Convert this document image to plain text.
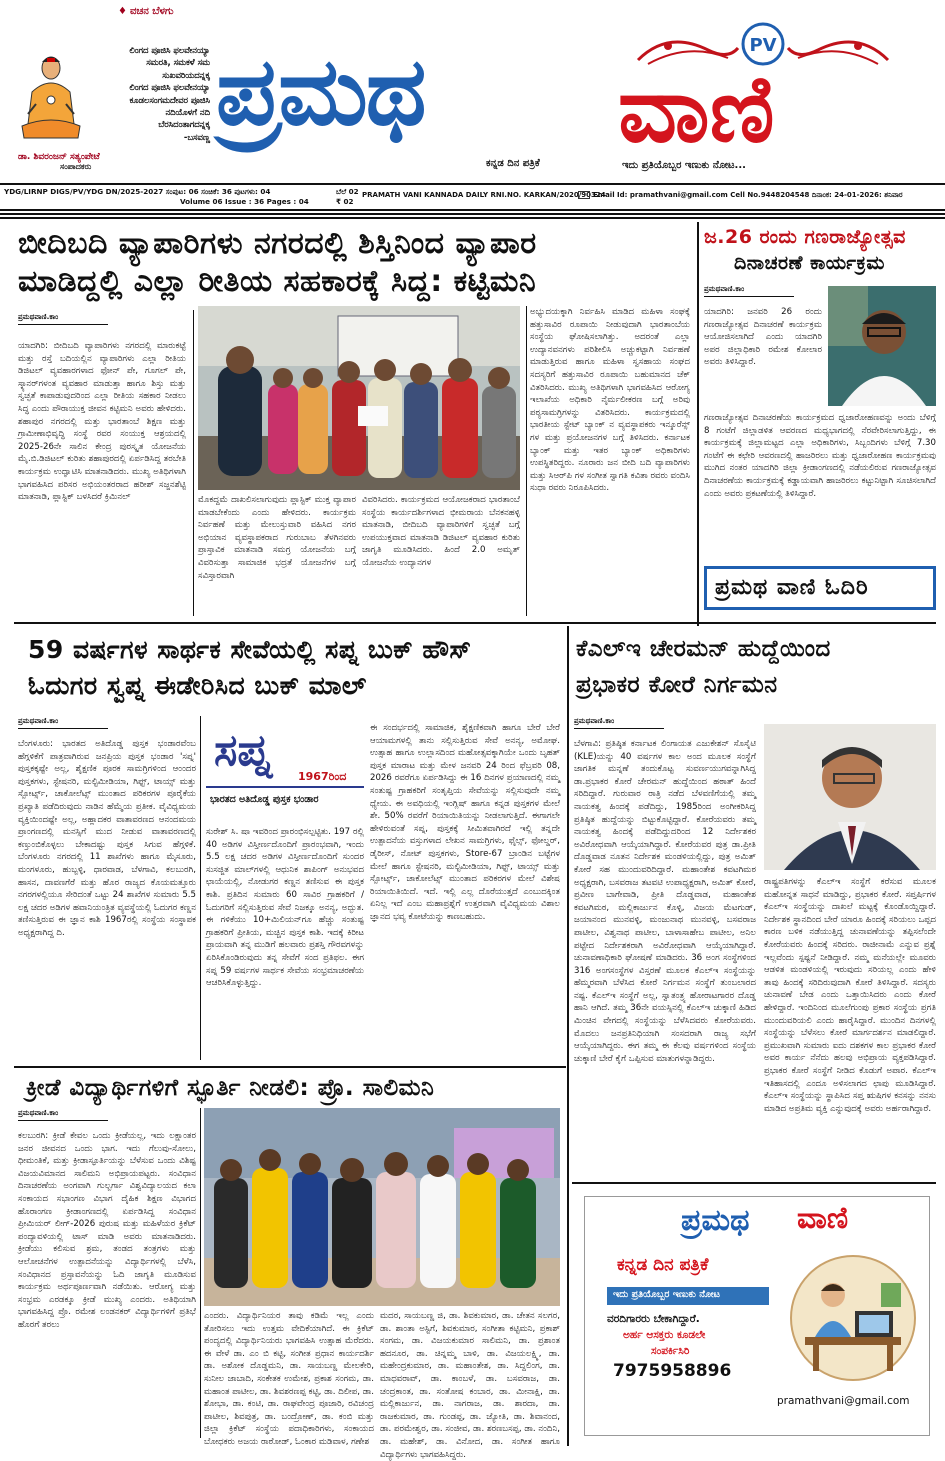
♦ ವಚನ ಬೆಳಗು
ಲಿಂಗದ ಪೂಜಿಸಿ ಫಲವೇನಯ್ಯಾ
ಸಮರತಿ, ಸಮಕಳೆ ಸಮ
ಸುಖವರಿಯದನ್ನಕ್ಕ
ಲಿಂಗದ ಪೂಜಿಸಿ ಫಲವೇನಯ್ಯಾ
ಕೂಡಲಸಂಗಮದೇವರ ಪೂಜಿಸಿ
ನದಿಯೊಳಗೆ ನದಿ
ಬೆರಸಿದಂತಾಗದನ್ನಕ್ಕ
-ಬಸವಣ್ಣ
ಡಾ. ಶಿವರಂಜನ್ ಸತ್ಯಂಪೇಟೆ
ಸಂಪಾದಕರು
ಪ್ರಮಥ
ಕನ್ನಡ ದಿನ ಪತ್ರಿಕೆ
PV
ವಾಣಿ
ಇದು ಪ್ರತಿಯೊಬ್ಬರ ಇಣುಕು ನೋಟ...
YDG/LIRNP DIGS/PV/YDG DN/2025-2027 ಸಂಪುಟ: 06 ಸಂಚಿಕೆ: 36 ಪುಟಗಳು: 04
Volume 06 Issue : 36 Pages : 04
ಬೆಲೆ 02
₹ 02
PRAMATH VANI KANNADA DAILY RNI.NO. KARKAN/2020/90324
Email Id: pramathvani@gmail.com Cell No.9448204548 ದಿನಾಂಕ: 24-01-2026: ಶನಿವಾರ
ಬೀದಿಬದಿ ವ್ಯಾಪಾರಿಗಳು ನಗರದಲ್ಲಿ ಶಿಸ್ತಿನಿಂದ ವ್ಯಾಪಾರ
ಮಾಡಿದ್ದಲ್ಲಿ ಎಲ್ಲಾ ರೀತಿಯ ಸಹಕಾರಕ್ಕೆ ಸಿದ್ದ: ಕಟ್ಟಿಮನಿ
ಪ್ರಮಥವಾಣಿ.ಕಾಂ
ಯಾದಗಿರಿ: ಬೀದಿಬದಿ ವ್ಯಾಪಾರಿಗಳು ನಗರದಲ್ಲಿ ಮಾರುಕಟ್ಟೆ ಮತ್ತು ರಸ್ತೆ ಬದಿಯಲ್ಲಿನ ವ್ಯಾಪಾರಿಗಳು ಎಲ್ಲಾ ರೀತಿಯ ಡಿಜಿಟಲ್ ವ್ಯವಹಾರಗಳಾದ ಫೋನ್ ಪೇ, ಗೂಗಲ್ ಪೇ, ಸ್ಕ್ಯಾನರ್‌ಗಳಂತ ವ್ಯವಹಾರ ಮಾಡುತ್ತಾ ಹಾಗೂ ಶಿಸ್ತು ಮತ್ತು ಸ್ವಚ್ಛತೆ ಕಾಪಾಡುವುದರಿಂದ ಎಲ್ಲಾ ರೀತಿಯ ಸಹಕಾರ ನೀಡಲು ಸಿದ್ಧ ಎಂದು ಪೌರಾಯುಕ್ತ ಜೀವನ ಕಟ್ಟಿಮನಿ ಅವರು ಹೇಳಿದರು. ಶಹಾಪುರ ನಗರದಲ್ಲಿ ಮತ್ತು ಭಾರತಾಂಬೆ ಶಿಕ್ಷಣ ಮತ್ತು ಗ್ರಾಮೀಣಾಭಿವೃದ್ಧಿ ಸಂಸ್ಥೆ ರವರ ಸಂಯುಕ್ತ ಆಶ್ರಯದಲ್ಲಿ 2025-26ನೇ ಸಾಲಿನ ಕೇಂದ್ರ ಪುರಸ್ಕೃತ ಯೋಜನೆಯ ಮೈ.ಬಿ.ಡಿಜಿಟಲ್ ಕುರಿತು ಶಹಾಪುರದಲ್ಲಿ ಏರ್ಪಡಿಸಿದ್ದ ತರಬೇತಿ ಕಾರ್ಯಕ್ರಮ ಉದ್ಘಾಟಿಸಿ ಮಾತನಾಡಿದರು. ಮುಖ್ಯ ಅತಿಥಿಗಳಾಗಿ ಭಾಗವಹಿಸಿದ ಪರಿಸರ ಅಭಿಯಂತರರಾದ ಹರೀಶ್ ಸಜ್ಜನಶೆಟ್ಟಿ ಮಾತನಾಡಿ, ಪ್ಲಾಸ್ಟಿಕ್ ಬಳಸಿದರೆ ಕ್ರಿಮಿನಲ್	ಮೊಕದ್ದಮೆ ದಾಖಲಿಸಲಾಗುವುದು ಪ್ಲಾಸ್ಟಿಕ್ ಮುಕ್ತ ವ್ಯಾಪಾರ ಮಾಡಬೇಕೆಂದು ಎಂದು ಹೇಳಿದರು. ಕಾರ್ಯಕ್ರಮ ನಿರ್ವಹಣೆ ಮತ್ತು ಮೇಲುಸ್ತುವಾರಿ ವಹಿಸಿದ ನಗರ ಅಭಿಯಾನ ವ್ಯವಸ್ಥಾಪಕರಾದ ಗುರುಬಾಬ ತೆಳಗಿನವರು ಪ್ರಾಸ್ತಾವಿಕ ಮಾತನಾಡಿ ಸಮಗ್ರ ಯೋಜನೆಯ ಬಗ್ಗೆ ವಿವರಿಸುತ್ತಾ ಸಾಮಾಜಿಕ ಭದ್ರತೆ ಯೋಜನೆಗಳ ಬಗ್ಗೆ ಸವಿಸ್ತಾರವಾಗಿ
ವಿವರಿಸಿದರು. ಕಾರ್ಯಕ್ರಮದ ಆಯೋಜಕರಾದ ಭಾರತಾಂಬೆ ಸಂಸ್ಥೆಯ ಕಾರ್ಯದರ್ಶಿಗಳಾದ ಭೀಮರಾಯ ಬೆನಕನಹಳ್ಳಿ ಮಾತನಾಡಿ, ಬೀದಿಬದಿ ವ್ಯಾಪಾರಿಗಳಿಗೆ ಸ್ವಚ್ಛತೆ ಬಗ್ಗೆ ಉಪಯುಕ್ತವಾದ ಮಾತನಾಡಿ ಡಿಜಿಟಲ್ ವ್ಯವಹಾರ ಕುರಿತು ಜಾಗೃತಿ ಮೂಡಿಸಿದರು. ಹಿಂದೆ 2.0 ಅಮೃತ್ ಯೋಜನೆಯ ಉದ್ಯಾನಗಳ
ಅಭ್ಯುದಯಕ್ಕಾಗಿ ನಿರ್ವಹಿಸಿ ಮಾಡಿದ ಮಹಿಳಾ ಸಂಘಕ್ಕೆ ಹತ್ತುಸಾವಿರ ರೂಪಾಯಿ ನೀಡುವುದಾಗಿ ಭಾರತಾಂಬೆಯ ಸಂಸ್ಥೆಯ ಘೋಷಿಸಲಾಗಿತ್ತು. ಅದರಂತೆ ಎಲ್ಲಾ ಉದ್ಯಾನವನಗಳು ಪರಿಶೀಲಿಸಿ ಅಚ್ಚುಕಟ್ಟಾಗಿ ನಿರ್ವಹಣೆ ಮಾಡುತ್ತಿರುವ ಹಾಗೂ ಮಹಿಳಾ ಸ್ವಸಹಾಯ ಸಂಘದ ಸದಸ್ಯರಿಗೆ ಹತ್ತುಸಾವಿರ ರೂಪಾಯಿ ಬಹುಮಾನದ ಚೆಕ್ ವಿತರಿಸಿದರು. ಮುಖ್ಯ ಅತಿಥಿಗಳಾಗಿ ಭಾಗವಹಿಸಿದ ಆರೋಗ್ಯ ಇಲಾಖೆಯ ಅಧಿಕಾರಿ ನೈರ್ಮಲೀಕರಣ ಬಗ್ಗೆ ಅರಿವು ಪಠ್ಯಸಾಮಗ್ರಿಗಳನ್ನು ವಿತರಿಸಿದರು. ಕಾರ್ಯಕ್ರಮದಲ್ಲಿ ಭಾರತೀಯ ಸ್ಟೇಟ್ ಬ್ಯಾಂಕ್ ನ ವ್ಯವಸ್ಥಾಪಕರು ಇನ್ಶೂರೆನ್ಸ್ ಗಳ ಮತ್ತು ಪ್ರಯೋಜನಗಳ ಬಗ್ಗೆ ತಿಳಿಸಿದರು. ಕರ್ನಾಟಕ ಬ್ಯಾಂಕ್ ಮತ್ತು ಇತರ ಬ್ಯಾಂಕ್ ಅಧಿಕಾರಿಗಳು ಉಪಸ್ಥಿತರಿದ್ದರು. ನೂರಾರು ಜನ ಬೀದಿ ಬದಿ ವ್ಯಾಪಾರಿಗಳು ಮತ್ತು ಸಿಆರ್‌ಪಿ ಗಳ ಸಂಗೀತ ಸ್ವಾಗತಿ ಕವಿತಾ ರವರು ವಂದಿಸಿ ಸುಧಾ ರವರು ನಿರೂಪಿಸಿದರು.
ಜ.26 ರಂದು ಗಣರಾಜ್ಯೋತ್ಸವ
ದಿನಾಚರಣೆ ಕಾರ್ಯಕ್ರಮ
ಪ್ರಮಥವಾಣಿ.ಕಾಂ
ಯಾದಗಿರಿ: ಜನವರಿ 26 ರಂದು ಗಣರಾಜ್ಯೋತ್ಸವ ದಿನಾಚರಣೆ ಕಾರ್ಯಕ್ರಮ ಆಯೋಜಿಸಲಾಗಿದೆ ಎಂದು ಯಾದಗಿರಿ ಅಪರ ಜಿಲ್ಲಾಧಿಕಾರಿ ರಮೇಶ ಕೋಲಾರ ಅವರು ತಿಳಿಸಿದ್ದಾರೆ.
ಗಣರಾಜ್ಯೋತ್ಸವ ದಿನಾಚರಣೆಯ ಕಾರ್ಯಕ್ರಮದ ಧ್ವಜಾರೋಹಣವನ್ನು ಅಂದು ಬೆಳಿಗ್ಗೆ 8 ಗಂಟೆಗೆ ಜಿಲ್ಲಾಡಳಿತ ಆವರಣದ ಮಧ್ಯಭಾಗದಲ್ಲಿ ನೆರವೇರಿಸಲಾಗುತ್ತಿದ್ದು, ಈ ಕಾರ್ಯಕ್ರಮಕ್ಕೆ ಜಿಲ್ಲಾಮಟ್ಟದ ಎಲ್ಲಾ ಅಧಿಕಾರಿಗಳು, ಸಿಬ್ಬಂದಿಗಳು ಬೆಳಿಗ್ಗೆ 7.30 ಗಂಟೆಗೆ ಈ ಕಛೇರಿ ಆವರಣದಲ್ಲಿ ಹಾಜರಿರಲು ಮತ್ತು ಧ್ವಜಾರೋಹಣ ಕಾರ್ಯಕ್ರಮವು ಮುಗಿದ ನಂತರ ಯಾದಗಿರಿ ಜಿಲ್ಲಾ ಕ್ರೀಡಾಂಗಣದಲ್ಲಿ ನಡೆಯಲಿರುವ ಗಣರಾಜ್ಯೋತ್ಸವ ದಿನಾಚರಣೆಯ ಕಾರ್ಯಕ್ರಮಕ್ಕೆ ಕಡ್ಡಾಯವಾಗಿ ಹಾಜರಿರಲು ಕಟ್ಟುನಿಟ್ಟಾಗಿ ಸೂಚಿಸಲಾಗಿದೆ ಎಂದು ಅವರು ಪ್ರಕಟಣೆಯಲ್ಲಿ ತಿಳಿಸಿದ್ದಾರೆ.
ಪ್ರಮಥ ವಾಣಿ ಓದಿರಿ
59 ವರ್ಷಗಳ ಸಾರ್ಥಕ ಸೇವೆಯಲ್ಲಿ ಸಪ್ನ ಬುಕ್ ಹೌಸ್
ಓದುಗರ ಸ್ವಪ್ನ ಈಡೇರಿಸಿದ ಬುಕ್ ಮಾಲ್
ಪ್ರಮಥವಾಣಿ.ಕಾಂ
ಬೆಂಗಳೂರು: ಭಾರತದ ಅತಿದೊಡ್ಡ ಪುಸ್ತಕ ಭಂಡಾರವೆಂಬ ಹೆಗ್ಗಳಿಕೆಗೆ ಪಾತ್ರವಾಗಿರುವ ಜನಪ್ರಿಯ ಪುಸ್ತಕ ಭಂಡಾರ 'ಸಪ್ನ' ಪುಸ್ತಕಕ್ಕಷ್ಟೇ ಅಲ್ಲ, ಶೈಕ್ಷಣಿಕ ಪೂರಕ ಸಾಮಗ್ರಿಗಳಿಂದ ಆಂಂದರ ಪುಸ್ತಕಗಳು, ಸ್ಟೇಷನರಿ, ಮಲ್ಟಿಮೀಡಿಯಾ, ಗಿಫ್ಟ್, ಟಾಯ್ಸ್ ಮತ್ತು ಸ್ಪೋರ್ಟ್ಸ್, ಚಾಕೋಲೆಟ್ಸ್ ಮುಂತಾದ ಪರಿಕರಗಳ ಪೂರೈಕೆಯ ಪ್ರಖ್ಯಾತಿ ಪಡೆದಿರುವುದು ನಾಡಿನ ಹೆಮ್ಮೆಯ ಪ್ರತೀಕ. ವೈವಿಧ್ಯಮಯ ವ್ಯಕ್ತಿಯಿಂದಷ್ಟೇ ಅಲ್ಲ, ಅಹ್ಲಾದಕರ ವಾತಾವರಣದ ಆನಂದಮಯ ಪ್ರಾಂಗಣದಲ್ಲಿ ಮನಸ್ಸಿಗೆ ಮುದ ನೀಡುವ ವಾತಾವರಣದಲ್ಲಿ ಕಣ್ತುಂಬಿಕೊಳ್ಳಲು ಬೇಕಾದಷ್ಟು ಪುಸ್ತಕ ಸಿಗುವ ಹೆಗ್ಗಳಿಕೆ. ಬೆಂಗಳೂರು ನಗರದಲ್ಲಿ 11 ಶಾಖೆಗಳು ಹಾಗೂ ಮೈಸೂರು, ಮಂಗಳೂರು, ಹುಬ್ಬಳ್ಳಿ, ಧಾರವಾಡ, ಬೆಳಗಾವಿ, ಕಲಬುರಗಿ, ಹಾಸನ, ದಾವಣಗೆರೆ ಮತ್ತು ಹೊರ ರಾಜ್ಯದ ಕೊಯಮತ್ತೂರು ನಗರಗಳಲ್ಲಿಯೂ ಸೇರಿದಂತೆ ಒಟ್ಟು 24 ಶಾಖೆಗಳ ಸುಮಾರು 5.5 ಲಕ್ಷ ಚದರ ಅಡಿಗಳ ಹವಾನಿಯಂತ್ರಿತ ವ್ಯವಸ್ಥೆಯಲ್ಲಿ ಓದುಗರ ಕಣ್ಣನ ತಣಿಸುತ್ತಿರುವ ಈ ಜ್ಞಾನ ಕಾಶಿ 1967ರಲ್ಲಿ ಸಂಸ್ಥೆಯ ಸಂಸ್ಥಾಪಕ ಅಧ್ಯಕ್ಷರಾಗಿದ್ದ ದಿ.
ಸಪ್ನ
1967ರಿಂದ
ಭಾರತದ ಅತಿದೊಡ್ಡ ಪುಸ್ತಕ ಭಂಡಾರ
ಸುರೇಶ್ ಸಿ. ಷಾ ಇವರಿಂದ ಪ್ರಾರಂಭಿಸಲ್ಪಟ್ಟಿತು. 197 ರಲ್ಲಿ 40 ಅಡಿಗಳ ವಿಸ್ತೀರ್ಣದೊಂದಿಗೆ ಪ್ರಾರಂಭವಾಗಿ, ಇಂದು 5.5 ಲಕ್ಷ ಚದರ ಅಡಿಗಳ ವಿಸ್ತೀರ್ಣದೊಂದಿಗೆ ಸುಂದರ ಸುಸಜ್ಜಿತ ಮಾಲ್‌ಗಳಲ್ಲಿ ಆಧುನಿಕ ಶಾಪಿಂಗ್ ಅನುಭವದ ಛಾಯೆಯಲ್ಲಿ, ನೋಡುಗರ ಕಣ್ಣನ ತಣಿಸುವ ಈ ಪುಸ್ತಕ ಕಾಶಿ. ಪ್ರತಿದಿನ ಸುಮಾರು 60 ಸಾವಿರ ಗ್ರಾಹಕರಿಗೆ / ಓದುಗರಿಗೆ ಸಲ್ಲಿಸುತ್ತಿರುವ ಸೇವೆ ನಿಜಕ್ಕೂ ಅನನ್ಯ, ಅದ್ಭುತ. ಈ ಗಳಿಕೆಯು 10+ಮಿಲಿಯನ್‌ಗೂ ಹೆಚ್ಚು ಸಂತುಷ್ಟ ಗ್ರಾಹಕರಿಗೆ ಪ್ರೀತಿಯ, ಮಚ್ಚಿನ ಪುಸ್ತಕ ಕಾಶಿ. ಇದಕ್ಕೆ ಕಿರೀಟ ಪ್ರಾಯವಾಗಿ ತನ್ನ ಮುಡಿಗೆ ಹಲವಾರು ಪ್ರಶಸ್ತಿ ಗೌರವಗಳನ್ನು ಏರಿಸಿಕೊಂಡಿರುವುದು ತನ್ನ ಸೇವೆಗೆ ಸಂದ ಪ್ರತಿಫಲ. ಈಗ ಸಪ್ನ 59 ವರ್ಷಗಳ ಸಾರ್ಥಕ ಸೇವೆಯ ಸಂಭ್ರಮಾಚರಣೆಯ ಆಚರಿಸಿಕೊಳ್ಳುತ್ತಿದ್ದು.
ಈ ಸಂದರ್ಭದಲ್ಲಿ ಸಾಮಾಜಿಕ, ಶೈಕ್ಷಣಿಕವಾಗಿ ಹಾಗೂ ಬೇರೆ ಬೇರೆ ಆಯಾಮಗಳಲ್ಲಿ ತಾನು ಸಲ್ಲಿಸುತ್ತಿರುವ ಸೇವೆ ಅನನ್ಯ, ಅಮೋಘ. ಉತ್ಸಾಹ ಹಾಗೂ ಉಲ್ಲಾಸದಿಂದ ಮಹೋತ್ಸವಕ್ಕಾಗಿಯೇ ಒಂದು ಬೃಹತ್ ಪುಸ್ತಕ ಮಾರಾಟ ಮತ್ತು ಮೇಳ ಜನವರಿ 24 ರಿಂದ ಫೆಬ್ರವರಿ 08, 2026 ರವರೆಗೂ ಏರ್ಪಡಿಸಿದ್ದು ಈ 16 ದಿನಗಳ ಪ್ರಯಾಣದಲ್ಲಿ ನಮ್ಮ ಸಂತುಷ್ಟ ಗ್ರಾಹಕರಿಗೆ ಸಂತೃಪ್ತಿಯ ಸೇವೆಯನ್ನು ಸಲ್ಲಿಸುವುದೇ ನಮ್ಮ ಧ್ಯೇಯ. ಈ ಅವಧಿಯಲ್ಲಿ ಇಂಗ್ಲಿಷ್ ಹಾಗೂ ಕನ್ನಡ ಪುಸ್ತಕಗಳ ಮೇಲೆ ಶೇ. 50% ರವರೆಗೆ ರಿಯಾಯಿತಿಯನ್ನು ನೀಡಲಾಗುತ್ತಿದೆ. ಈಗಾಗಲೇ ಹೇಳಿರುವಂತೆ ಸಪ್ನ, ಪುಸ್ತಕಕ್ಕೆ ಸೀಮಿತವಾಗಿರದೆ ಇಲ್ಲಿ ತನ್ನದೇ ಉತ್ಪಾದನೆಯ ವಸ್ತುಗಳಾದ ಲೇಖನ ಸಾಮಗ್ರಿಗಳು, ಫೈಲ್ಸ್, ಫೋಲ್ಡರ್, ಡೈರೀಸ್, ನೋಟ್ ಪುಸ್ತಕಗಳು, Store-67 ಬ್ರಾಂಡಿನ ಬಟ್ಟೆಗಳ ಮೇಲೆ ಹಾಗೂ ಸ್ಟೇಷನರಿ, ಮಲ್ಟಿಮೀಡಿಯಾ, ಗಿಫ್ಟ್, ಟಾಯ್ಸ್ ಮತ್ತು ಸ್ಪೋರ್ಟ್ಸ್, ಚಾಕೋಲೆಟ್ಸ್ ಮುಂತಾದ ಪರಿಕರಗಳ ಮೇಲೆ ವಿಶೇಷ ರಿಯಾಯಿತಿಯಿದೆ. ಇದೆ. ಇಲ್ಲಿ ಎಲ್ಲ ದೊರೆಯುತ್ತದೆ ಎಂಬುದಕ್ಕಿಂತ ಏನಿಲ್ಲ ಇದೆ ಎಂಬ ಮಹಾಪ್ರಶ್ನೆಗೆ ಉತ್ತರವಾಗಿ ವೈವಿಧ್ಯಮಯ ವಿಶಾಲ ಜ್ಞಾನದ ಭವ್ಯ ಕೋಟೆಯನ್ನು ಕಾಣಬಹುದು.
ಕೆಎಲ್‌ಇ ಚೇರಮನ್ ಹುದ್ದೆಯಿಂದ
ಪ್ರಭಾಕರ ಕೋರೆ ನಿರ್ಗಮನ
ಪ್ರಮಥವಾಣಿ.ಕಾಂ
ಬೆಳಗಾವಿ: ಪ್ರತಿಷ್ಠಿತ ಕರ್ನಾಟಕ ಲಿಂಗಾಯತ ಎಜುಕೇಶನ್ ಸೊಸೈಟಿ (KLE)ಯನ್ನು 40 ವರ್ಷಗಳ ಕಾಲ ಅಂದ ಮೂಲಕ ಸಂಸ್ಥೆಗೆ ಜಾಗತಿಕ ಮನ್ನಣೆ ತಂದುಕೊಟ್ಟ ಸುವರ್ಣಯುಗವನ್ನಾಗಿಸಿದ್ದ ಡಾ.ಪ್ರಭಾಕರ ಕೋರೆ ಚೇರಮನ್ ಹುದ್ದೆಯಿಂದ ಹಠಾತ್ ಹಿಂದೆ ಸರಿದಿದ್ದಾರೆ. ಗುರುವಾರ ರಾತ್ರಿ ನಡೆದ ಬೆಳವಣಿಗೆಯಲ್ಲಿ ತಮ್ಮ ನಾಯಕತ್ವ ಹಿಂದಕ್ಕೆ ಪಡೆದಿದ್ದು, 1985ರಿಂದ ಅಂಗೀಕರಿಸಿದ್ದ ಪ್ರತಿಷ್ಠಿತ ಹುದ್ದೆಯನ್ನು ಬಿಟ್ಟುಕೊಟ್ಟಿದ್ದಾರೆ. ಕೋರೆಯವರು ತಮ್ಮ ನಾಯಕತ್ವ ಹಿಂದಕ್ಕೆ ಪಡೆದಿದ್ದುದರಿಂದ 12 ನಿರ್ದೇಶಕರ ಅವಿರೋಧವಾಗಿ ಆಯ್ಕೆಯಾಗಿದ್ದಾರೆ. ಕೋರೆಯವರ ಪುತ್ರ ಡಾ.ಪ್ರೀತಿ ದೊಡ್ಡವಾಡ ನೂತನ ನಿರ್ದೇಶಕ ಮಂಡಳಿಯಲ್ಲಿದ್ದು, ಪುತ್ರ ಅಮಿತ್ ಕೋರೆ ಸಹ ಮುಂದುವರಿದಿದ್ದಾರೆ. ಮಹಾಂತೇಶ ಕವಟಗಿಮಠ ಅಧ್ಯಕ್ಷರಾಗಿ, ಬಸವರಾಜ ತಟವಟಿ ಉಪಾಧ್ಯಕ್ಷರಾಗಿ, ಅಮಿತ್ ಕೋರೆ, ಪ್ರವೀಣ ಬಾಗೇವಾಡಿ, ಪ್ರೀತಿ ದೊಡ್ಡವಾಡ, ಮಹಾಂತೇಶ ಕವಟಗಿಮಠ, ಮಲ್ಲಿಕಾರ್ಜುನ ಕೊಳ್ಳಿ, ವಿಜಯ ಮೆಟಗುಡ್, ಜಯಾನಂದ ಮುನವಳ್ಳಿ, ಮಂಜುನಾಥ ಮುನವಳ್ಳಿ, ಬಸವರಾಜ ಪಾಟೀಲ, ವಿಶ್ವನಾಥ ಪಾಟೀಲ, ಬಾಳಾಸಾಹೇಬ ಪಾಟೀಲ, ಅನಿಲ ಪಟ್ಟೇದ ನಿರ್ದೇಶಕರಾಗಿ ಅವಿರೋಧವಾಗಿ ಆಯ್ಕೆಯಾಗಿದ್ದಾರೆ. ಚುನಾವಣಾಧಿಕಾರಿ ಘೋಷಣೆ ಮಾಡಿದರು. 36 ಅಂಗ ಸಂಸ್ಥೆಗಳಿಂದ 316 ಅಂಗಸಂಸ್ಥೆಗಳ ವಿಸ್ತರಣೆ ಮೂಲಕ ಕೆಎಲ್‌ಇ ಸಂಸ್ಥೆಯನ್ನು ಹೆಮ್ಮರವಾಗಿ ಬೆಳೆಸಿದ ಕೋರೆ ನಿರ್ಗಮನ ಸಂಸ್ಥೆಗೆ ತುಂಬಲಾರದ ನಷ್ಟ. ಕೆಎಲ್‌ಇ ಸಂಸ್ಥೆಗೆ ಅಲ್ಲ, ಸ್ವಾತಂತ್ರ್ಯ ಹೋರಾಟಗಾರರ ದೊಡ್ಡ ಹಾನಿ ಆಗಿದೆ. ತಮ್ಮ 36ನೇ ವಯಸ್ಸಿನಲ್ಲಿ ಕೆಎಲ್‌ಇ ಚುಕ್ಕಾಣಿ ಹಿಡಿದ ಮಿಂಚಿನ ವೇಗದಲ್ಲಿ ಸಂಸ್ಥೆಯನ್ನು ಬೆಳೆಸಿದವರು ಕೋರೆಯವರು. ಮೊದಲು ಜನಪ್ರತಿನಿಧಿಯಾಗಿ ಸಂಸದರಾಗಿ ರಾಜ್ಯ ಸಭೆಗೆ ಆಯ್ಕೆಯಾಗಿದ್ದರು. ಈಗ ತಮ್ಮ ಈ ಕೆಲವು ವರ್ಷಗಳಿಂದ ಸಂಸ್ಥೆಯ ಚುಕ್ಕಾಣಿ ಬೇರೆ ಕೈಗೆ ಒಪ್ಪಿಸುವ ಮಾತುಗಳನ್ನಾಡಿದ್ದರು.
ರಾಷ್ಟ್ರಪತಿಗಳನ್ನು ಕೆಎಲ್‌ಇ ಸಂಸ್ಥೆಗೆ ಕರೆಸುವ ಮೂಲಕ ಮಹೋನ್ನತ ಸಾಧನೆ ಮಾಡಿದ್ದು, ಪ್ರಭಾಕರ ಕೋರೆ. ಸಪ್ತರ್ಷಿಗಳ ಕೆಎಲ್‌ಇ ಸಂಸ್ಥೆಯನ್ನು ದಾಖಲೆ ಮಟ್ಟಕ್ಕೆ ಕೊಂಡೊಯ್ದಿದ್ದಾರೆ. ನಿರ್ದೇಶಕ ಸ್ಥಾನದಿಂದ ಬೇರೆ ಯಾರೂ ಹಿಂದಕ್ಕೆ ಸರಿಯಲು ಒಪ್ಪದ ಕಾರಣ ಬಳಿಕ ನಡೆಯುತ್ತಿದ್ದ ಚುನಾವಣೆಯನ್ನು ತಪ್ಪಿಸಲೆಂದೇ ಕೋರೆಯವರು ಹಿಂದಕ್ಕೆ ಸರಿದರು. ರಾಜೀನಾಮೆ ಎನ್ನುವ ಪ್ರಶ್ನೆ ಇಲ್ಲವೆಂದು ಸ್ಪಷ್ಟನೆ ನೀಡಿದ್ದಾರೆ. ನಮ್ಮ ಮನೆಯಲ್ಲೇ ಮೂವರು ಆಡಳಿತ ಮಂಡಳಿಯಲ್ಲಿ ಇರುವುದು ಸರಿಯಲ್ಲ ಎಂದು ಹೇಳಿ ತಾವು ಹಿಂದಕ್ಕೆ ಸರಿದಿರುವುದಾಗಿ ಕೋರೆ ತಿಳಿಸಿದ್ದಾರೆ. ಸದಸ್ಯರು ಚುನಾವಣೆ ಬೇಡ ಎಂದು ಒತ್ತಾಯಿಸಿದರು ಎಂದು ಕೋರೆ ಹೇಳಿದ್ದಾರೆ. ಇಂದಿನಿಂದ ಮೂಲೆಗುಂಪು ಪ್ರಕಾರ ಸಂಸ್ಥೆಯ ಪ್ರಗತಿ ಮುಂದುವರಿಯಲಿ ಎಂದು ಹಾರೈಸಿದ್ದಾರೆ. ಮುಂದಿನ ದಿನಗಳಲ್ಲಿ ಸಂಸ್ಥೆಯನ್ನು ಬೆಳೆಸಲು ಕೋರೆ ಮಾರ್ಗದರ್ಶನ ಮಾಡಲಿದ್ದಾರೆ. ಪ್ರಮುಖವಾಗಿ ಸುಮಾರು ಐದು ದಶಕಗಳ ಕಾಲ ಪ್ರಭಾಕರ ಕೋರೆ ಅವರ ಕಾರ್ಯ ನೆನೆದು ಹಲವು ಅಭಿಪ್ರಾಯ ವ್ಯಕ್ತಪಡಿಸಿದ್ದಾರೆ. ಪ್ರಭಾಕರ ಕೋರೆ ಸಂಸ್ಥೆಗೆ ನೀಡಿದ ಕೊಡುಗೆ ಅಪಾರ. ಕೆಎಲ್‌ಇ ಇತಿಹಾಸದಲ್ಲಿ ಎಂದೂ ಅಳಿಸಲಾಗದ ಛಾಪು ಮೂಡಿಸಿದ್ದಾರೆ. ಕೆಎಲ್‌ಇ ಸಂಸ್ಥೆಯನ್ನು ಸ್ಥಾಪಿಸಿದ ಸಪ್ತ ಋಷಿಗಳ ಕನಸನ್ನು ನನಸು ಮಾಡಿದ ಅಪ್ರತಿಮ ವ್ಯಕ್ತಿ ಎನ್ನುವುದಕ್ಕೆ ಅವರು ಅರ್ಹರಾಗಿದ್ದಾರೆ.
ಕ್ರೀಡೆ ವಿದ್ಯಾರ್ಥಿಗಳಿಗೆ ಸ್ಫೂರ್ತಿ ನೀಡಲಿ: ಪ್ರೊ. ಸಾಲಿಮನಿ
ಪ್ರಮಥವಾಣಿ.ಕಾಂ
ಕಲಬುರಗಿ: ಕ್ರೀಡೆ ಕೇವಲ ಒಂದು ಕ್ರೀಡೆಯಲ್ಲ, ಇದು ಲಕ್ಷಾಂತರ ಜನರ ಜೀವನದ ಒಂದು ಭಾಗ. ಇದು ಗೆಲುವು-ಸೋಲು, ಧೀಮಂತಿಕೆ, ಮತ್ತು ಕ್ರೀಡಾಸ್ಫೂರ್ತಿಯನ್ನು ಬೆಳೆಸುವ ಒಂದು ವಿಶಿಷ್ಟ ವಿಜಯವಿಮಾನದ ಸಾಲಿಮನಿ ಅಭಿಪ್ರಾಯಪಟ್ಟರು. ಸಂವಿಧಾನ ದಿನಾಚರಣೆಯ ಅಂಗವಾಗಿ ಗುಲ್ಬರ್ಗಾ ವಿಶ್ವವಿದ್ಯಾಲಯದ ಕಲಾ ಸಂಕಾಯದ ಸಭಾಂಗಣ ವಿಭಾಗ ದೈಹಿಕ ಶಿಕ್ಷಣ ವಿಭಾಗದ ಹೊರಾಂಗಣ ಕ್ರೀಡಾಂಗಣದಲ್ಲಿ ಏರ್ಪಡಿಸಿದ್ದ ಸಂವಿಧಾನ ಪ್ರೀಮಿಯರ್ ಲೀಗ್-2026 ಪುರುಷ ಮತ್ತು ಮಹಿಳೆಯರ ಕ್ರಿಕೆಟ್ ಪಂದ್ಯಾವಳಿಯಲ್ಲಿ ಟಾಸ್ ಮಾಡಿ ಅವರು ಮಾತನಾಡಿದರು. ಕ್ರೀಡೆಯು ಕಲಿಸುವ ಶ್ರಮ, ತಂಡದ ತಂತ್ರಗಳು ಮತ್ತು ಆಲೋಚನೆಗಳ ಉತ್ಪಾದನೆಯನ್ನು ವಿದ್ಯಾರ್ಥಿಗಳಲ್ಲಿ ಬೆಳೆಸಿ, ಸಂವಿಧಾನದ ಪ್ರಸ್ತಾವನೆಯನ್ನು ಓದಿ ಜಾಗೃತಿ ಮೂಡಿಸುವ ಕಾರ್ಯಕ್ರಮ ಅರ್ಥಪೂರ್ಣವಾಗಿ ನಡೆಯಿತು. ಆರೋಗ್ಯ ಮತ್ತು ಸಂಭ್ರಮ ಎರಡಕ್ಕೂ ಕ್ರೀಡೆ ಮುಖ್ಯ ಎಂದರು. ಅತಿಥಿಯಾಗಿ ಭಾಗವಹಿಸಿದ್ದ ಪ್ರೊ. ರಮೇಶ ಲಂಡನಕರ್ ವಿದ್ಯಾರ್ಥಿಗಳಿಗೆ ಪ್ರತಿಭೆ ಹೊರಗೆ ತರಲು
ಎಂದರು. ವಿದ್ಯಾರ್ಥಿನಿಯರ ತಾವು ಕಡಿಮೆ ಇಲ್ಲ ಎಂದು ತೋರಿಸಲು ಇದು ಉತ್ತಮ ವೇದಿಕೆಯಾಗಿದೆ. ಈ ಕ್ರಿಕೆಟ್ ಪಂದ್ಯದಲ್ಲಿ ವಿದ್ಯಾರ್ಥಿನಿಯರು ಭಾಗವಹಿಸಿ ಉತ್ಸಾಹ ಮೆರೆದರು. ಈ ವೇಳೆ ಡಾ. ಎಂ ಬಿ ಕಟ್ಟಿ, ಸಂಗೀತ ಪ್ರಧಾನ ಕಾರ್ಯದರ್ಶಿ ಡಾ. ಅಶೋಕ ದೊಡ್ಡಮನಿ, ಡಾ. ಸಾಯಬಣ್ಣ ಮೇಲಕೇರಿ, ಸುನೀಲ ಜಾಬಾದಿ, ಸಂಕೇತಕ ಉಮೇಶ, ಪ್ರಕಾಶ ಸಂಗಮ, ಡಾ. ಮಹಾಂತ ಪಾಟೀಲ, ಡಾ. ಶಿವಶರಣಪ್ಪ ಕಟ್ಟಿ, ಡಾ. ದಿಲೀಪ, ಡಾ. ಶೋಭಾ, ಡಾ. ಕಂಟಿ, ಡಾ. ರಾಘವೇಂದ್ರ ಪೂಜಾರಿ, ರವಿಚಂದ್ರ ಪಾಟೀಲ, ಶಿವಪುತ್ರ, ಡಾ. ಬಂದ್ರೋಣ್, ಡಾ. ಕಂಬಿ ಮತ್ತು ಜಿಲ್ಲಾ ಕ್ರಿಕೆಟ್ ಸಂಸ್ಥೆಯ ಪದಾಧಿಕಾರಿಗಳು, ಸಂಕಾಯದ ಬೋಧಕರು ಅಜಯ ರಾಠೋಡ್, ಓಂಕಾರ ಮಡಿವಾಳ, ಗಣೇಶ
ಮದರ, ಸಾಯಬಣ್ಣ ಜಿ, ಡಾ. ಶಿವಕುಮಾರ, ಡಾ. ಚೇತನ ಸಲಗರ, ಡಾ. ಶಾಂತಾ ಅಸ್ಟಿಗೆ, ಶಿವಕುಮಾರ, ಸಂಗೀತಾ ಕಟ್ಟಿಮನಿ, ಪ್ರಕಾಶ್ ಸಂಗಮ, ಡಾ. ವಿಜಯಕುಮಾರ ಸಾಲಿಮನಿ, ಡಾ. ಪ್ರಶಾಂತ ಹದನೂರ, ಡಾ. ಚಿನ್ನಮ್ಮ ಬಾಳಿ, ಡಾ. ವಿಜಯಲಕ್ಷ್ಮಿ, ಡಾ. ಮಹೇಂದ್ರಕುಮಾರ, ಡಾ. ಮಹಾಂತೇಶ, ಡಾ. ಸಿದ್ದಲಿಂಗ, ಡಾ. ಮಾಧವರಾವ್, ಡಾ. ಕಾಂಬಳೆ, ಡಾ. ಬಸವರಾಜ, ಡಾ. ಚಂದ್ರಕಾಂತ, ಡಾ. ಸಂತೋಷ ಕಂಬಾರ, ಡಾ. ಮೀನಾಕ್ಷಿ, ಡಾ. ಮಲ್ಲಿಕಾರ್ಜುನ, ಡಾ. ನಾಗರಾಜ, ಡಾ. ಶಾರದಾ, ಡಾ. ರಾಜಕುಮಾರ, ಡಾ. ಗುಂಡಪ್ಪ, ಡಾ. ಜ್ಯೋತಿ, ಡಾ. ಶಿವಾನಂದ, ಡಾ. ಪರಮೇಶ್ವರ, ಡಾ. ಸಂಜೀವ, ಡಾ. ಶರಣಬಸಪ್ಪ, ಡಾ. ನಂದಿನಿ, ಡಾ. ಮಹೇಶ್, ಡಾ. ವಿನೋದ, ಡಾ. ಸಂಗೀತ ಹಾಗೂ ವಿದ್ಯಾರ್ಥಿಗಳು ಭಾಗವಹಿಸಿದ್ದರು.
ಪ್ರಮಥ ವಾಣಿ
ಕನ್ನಡ ದಿನ ಪತ್ರಿಕೆ
ಇದು ಪ್ರತಿಯೊಬ್ಬರ ಇಣುಕು ನೋಟ
ವರದಿಗಾರರು ಬೇಕಾಗಿದ್ದಾರೆ.
ಅರ್ಹ ಆಸಕ್ತರು ಕೂಡಲೇ
ಸಂಪರ್ಕಿಸಿರಿ
7975958896
pramathvani@gmail.com
